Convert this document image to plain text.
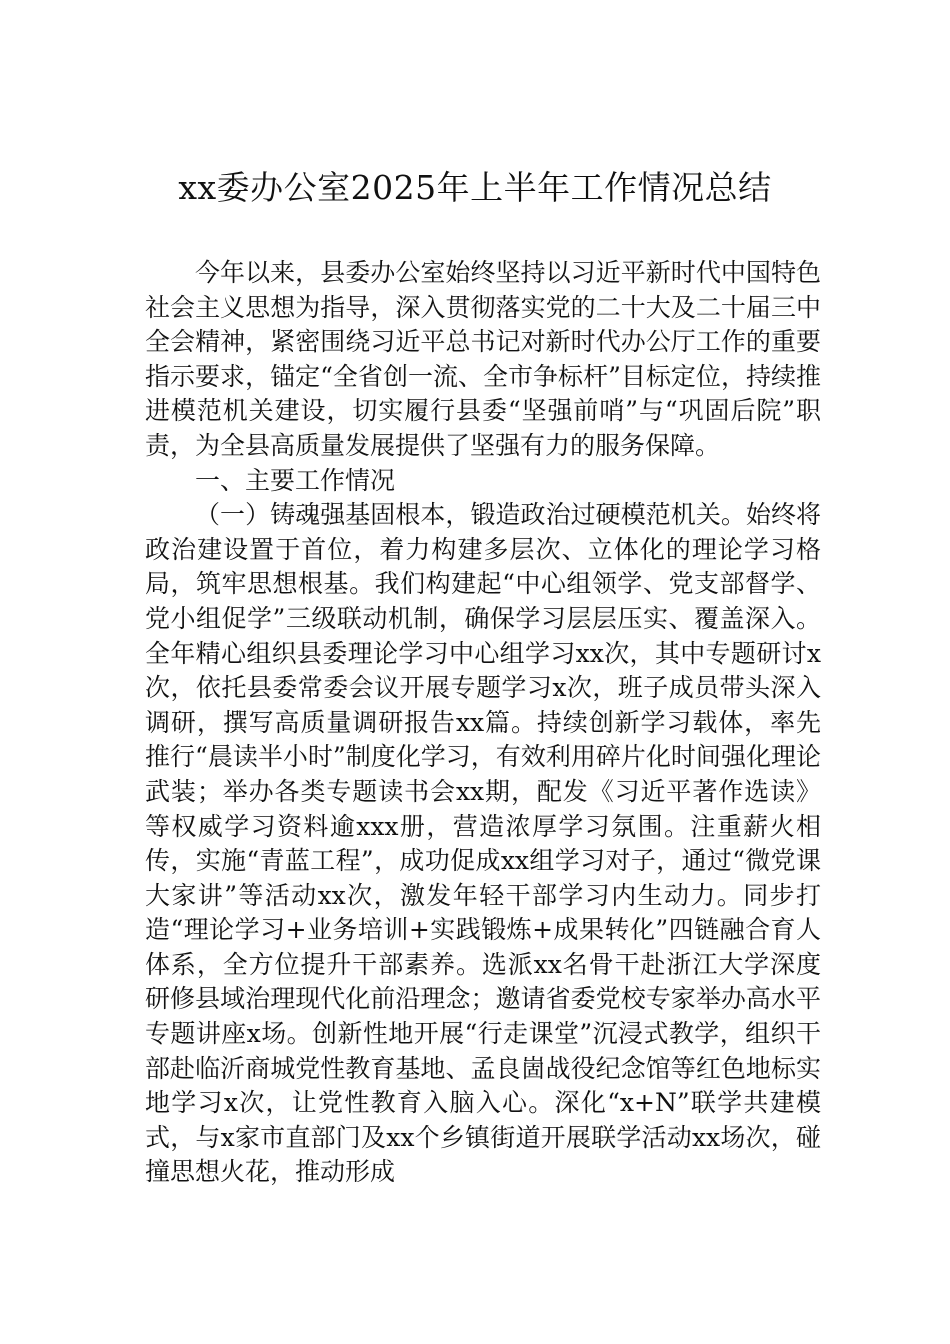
xx委办公室2025年上半年工作情况总结

今年以来，县委办公室始终坚持以习近平新时代中国特色社会主义思想为指导，深入贯彻落实党的二十大及二十届三中全会精神，紧密围绕习近平总书记对新时代办公厅工作的重要指示要求，锚定“全省创一流、全市争标杆”目标定位，持续推进模范机关建设，切实履行县委“坚强前哨”与“巩固后院”职责，为全县高质量发展提供了坚强有力的服务保障。

一、主要工作情况

（一）铸魂强基固根本，锻造政治过硬模范机关。始终将政治建设置于首位，着力构建多层次、立体化的理论学习格局，筑牢思想根基。我们构建起“中心组领学、党支部督学、党小组促学”三级联动机制，确保学习层层压实、覆盖深入。全年精心组织县委理论学习中心组学习xx次，其中专题研讨x次，依托县委常委会议开展专题学习x次，班子成员带头深入调研，撰写高质量调研报告xx篇。持续创新学习载体，率先推行“晨读半小时”制度化学习，有效利用碎片化时间强化理论武装；举办各类专题读书会xx期，配发《习近平著作选读》等权威学习资料逾xxx册，营造浓厚学习氛围。注重薪火相传，实施“青蓝工程”，成功促成xx组学习对子，通过“微党课大家讲”等活动xx次，激发年轻干部学习内生动力。同步打造“理论学习+业务培训+实践锻炼+成果转化”四链融合育人体系，全方位提升干部素养。选派xx名骨干赴浙江大学深度研修县域治理现代化前沿理念；邀请省委党校专家举办高水平专题讲座x场。创新性地开展“行走课堂”沉浸式教学，组织干部赴临沂商城党性教育基地、孟良崮战役纪念馆等红色地标实地学习x次，让党性教育入脑入心。深化“x+N”联学共建模式，与x家市直部门及xx个乡镇街道开展联学活动xx场次，碰撞思想火花，推动形成
